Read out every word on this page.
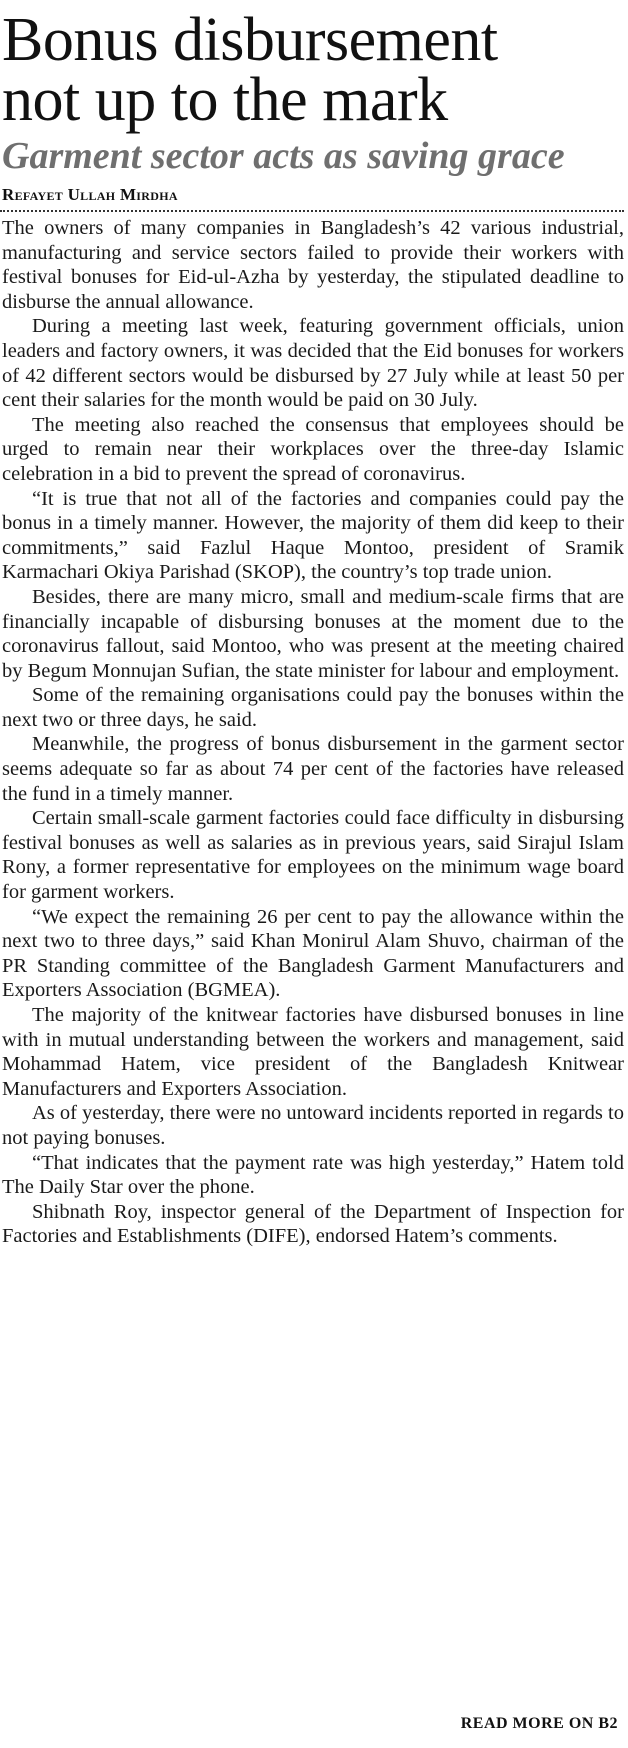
Bonus disbursement
not up to the mark
Garment sector acts as saving grace
Refayet Ullah Mirdha

The owners of many companies in Bangladesh’s 42 various industrial, manufacturing and service sectors failed to provide their workers with festival bonuses for Eid-ul-Azha by yesterday, the stipulated deadline to disburse the annual allowance.

During a meeting last week, featuring government officials, union leaders and factory owners, it was decided that the Eid bonuses for workers of 42 different sectors would be disbursed by 27 July while at least 50 per cent their salaries for the month would be paid on 30 July.

The meeting also reached the consensus that employees should be urged to remain near their workplaces over the three-day Islamic celebration in a bid to prevent the spread of coronavirus.

“It is true that not all of the factories and companies could pay the bonus in a timely manner. However, the majority of them did keep to their commitments,” said Fazlul Haque Montoo, president of Sramik Karmachari Okiya Parishad (SKOP), the country’s top trade union.

Besides, there are many micro, small and medium-scale firms that are financially incapable of disbursing bonuses at the moment due to the coronavirus fallout, said Montoo, who was present at the meeting chaired by Begum Monnujan Sufian, the state minister for labour and employment.

Some of the remaining organisations could pay the bonuses within the next two or three days, he said.

Meanwhile, the progress of bonus disbursement in the garment sector seems adequate so far as about 74 per cent of the factories have released the fund in a timely manner.

Certain small-scale garment factories could face difficulty in disbursing festival bonuses as well as salaries as in previous years, said Sirajul Islam Rony, a former representative for employees on the minimum wage board for garment workers.

“We expect the remaining 26 per cent to pay the allowance within the next two to three days,” said Khan Monirul Alam Shuvo, chairman of the PR Standing committee of the Bangladesh Garment Manufacturers and Exporters Association (BGMEA).

The majority of the knitwear factories have disbursed bonuses in line with in mutual understanding between the workers and management, said Mohammad Hatem, vice president of the Bangladesh Knitwear Manufacturers and Exporters Association.

As of yesterday, there were no untoward incidents reported in regards to not paying bonuses.

“That indicates that the payment rate was high yesterday,” Hatem told The Daily Star over the phone.

Shibnath Roy, inspector general of the Department of Inspection for Factories and Establishments (DIFE), endorsed Hatem’s comments.

READ MORE ON B2
